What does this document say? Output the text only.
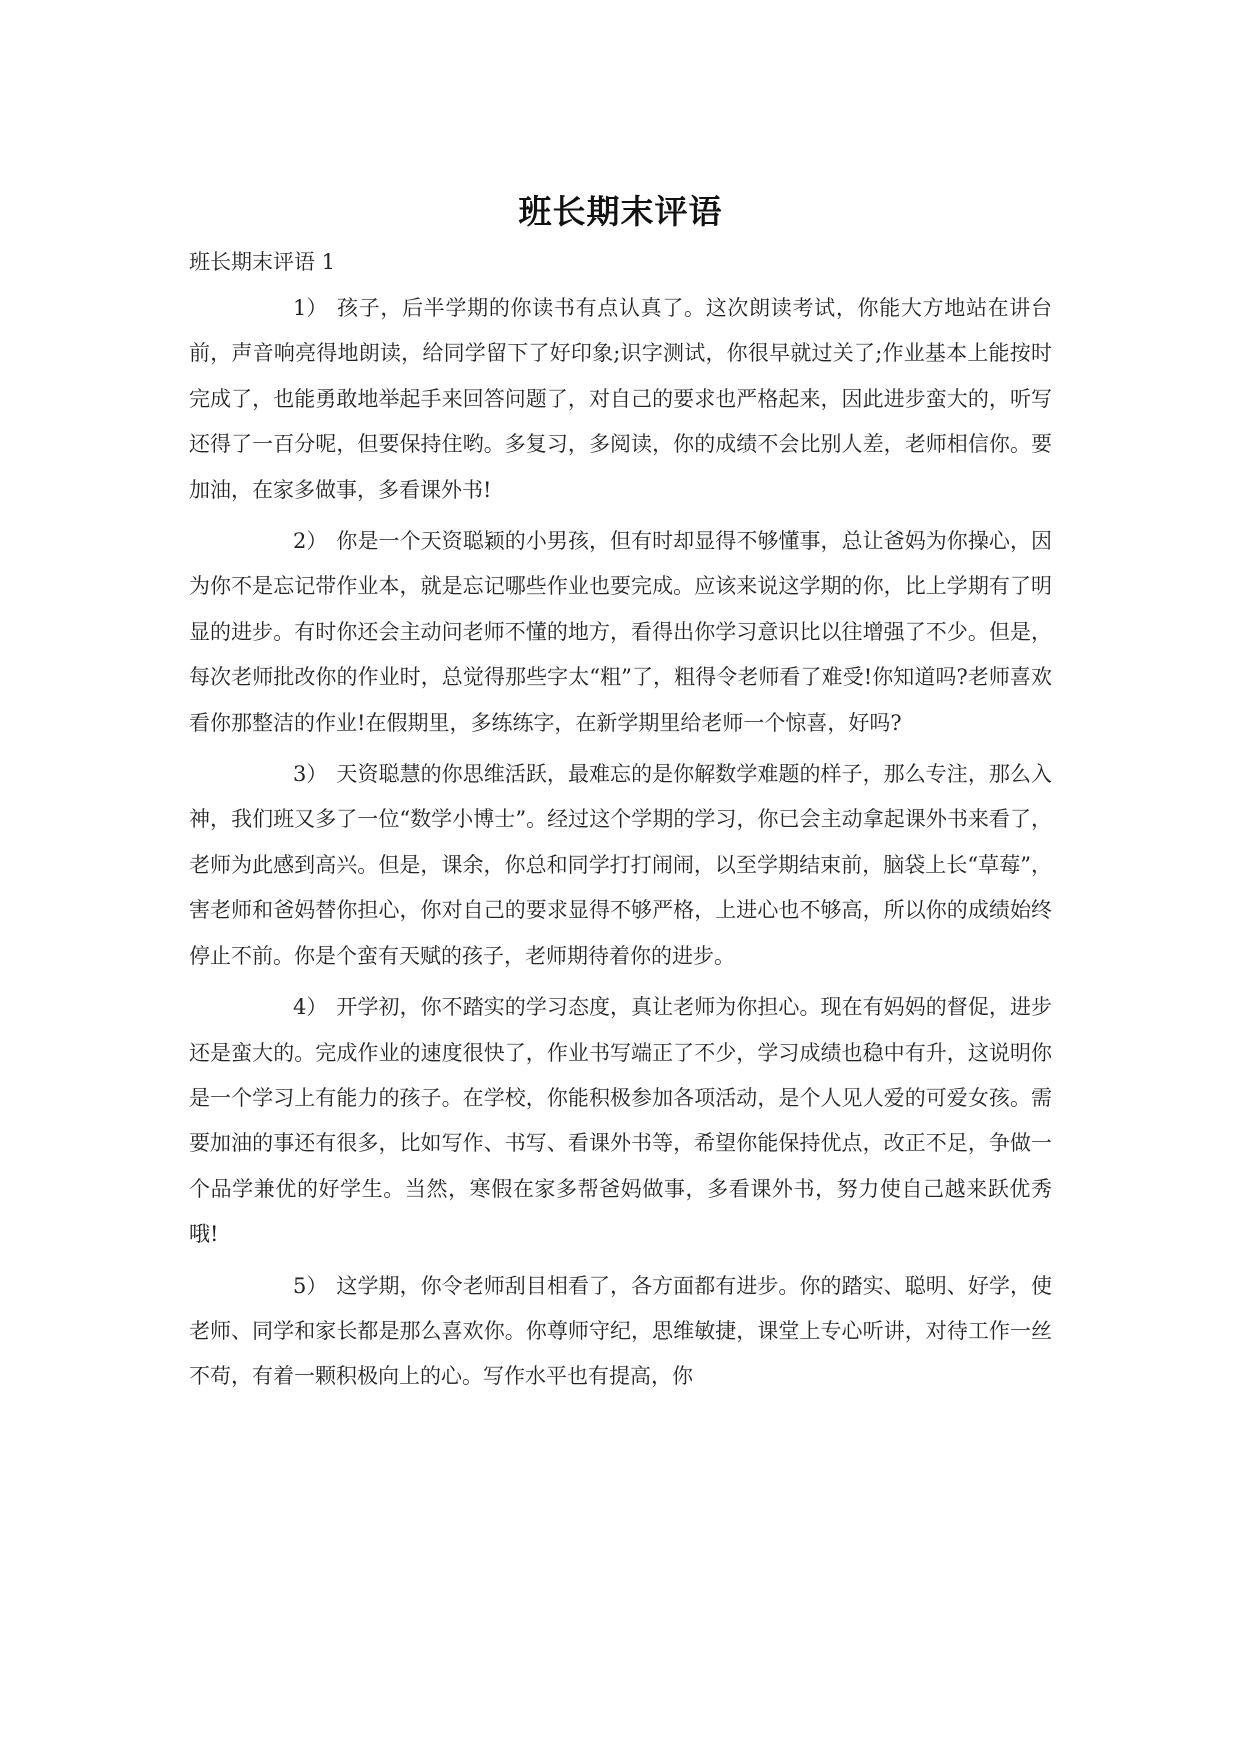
班长期末评语

班长期末评语 1

1） 孩子，后半学期的你读书有点认真了。这次朗读考试，你能大方地站在讲台前，声音响亮得地朗读，给同学留下了好印象;识字测试，你很早就过关了;作业基本上能按时完成了，也能勇敢地举起手来回答问题了，对自己的要求也严格起来，因此进步蛮大的，听写还得了一百分呢，但要保持住哟。多复习，多阅读，你的成绩不会比别人差，老师相信你。要加油，在家多做事，多看课外书!

2） 你是一个天资聪颖的小男孩，但有时却显得不够懂事，总让爸妈为你操心，因为你不是忘记带作业本，就是忘记哪些作业也要完成。应该来说这学期的你，比上学期有了明显的进步。有时你还会主动问老师不懂的地方，看得出你学习意识比以往增强了不少。但是，每次老师批改你的作业时，总觉得那些字太“粗”了，粗得令老师看了难受!你知道吗?老师喜欢看你那整洁的作业!在假期里，多练练字，在新学期里给老师一个惊喜，好吗?

3） 天资聪慧的你思维活跃，最难忘的是你解数学难题的样子，那么专注，那么入神，我们班又多了一位“数学小博士”。经过这个学期的学习，你已会主动拿起课外书来看了，老师为此感到高兴。但是，课余，你总和同学打打闹闹，以至学期结束前，脑袋上长“草莓”，害老师和爸妈替你担心，你对自己的要求显得不够严格，上进心也不够高，所以你的成绩始终停止不前。你是个蛮有天赋的孩子，老师期待着你的进步。

4） 开学初，你不踏实的学习态度，真让老师为你担心。现在有妈妈的督促，进步还是蛮大的。完成作业的速度很快了，作业书写端正了不少，学习成绩也稳中有升，这说明你是一个学习上有能力的孩子。在学校，你能积极参加各项活动，是个人见人爱的可爱女孩。需要加油的事还有很多，比如写作、书写、看课外书等，希望你能保持优点，改正不足，争做一个品学兼优的好学生。当然，寒假在家多帮爸妈做事，多看课外书，努力使自己越来跃优秀哦!

5） 这学期，你令老师刮目相看了，各方面都有进步。你的踏实、聪明、好学，使老师、同学和家长都是那么喜欢你。你尊师守纪，思维敏捷，课堂上专心听讲，对待工作一丝不苟，有着一颗积极向上的心。写作水平也有提高，你
